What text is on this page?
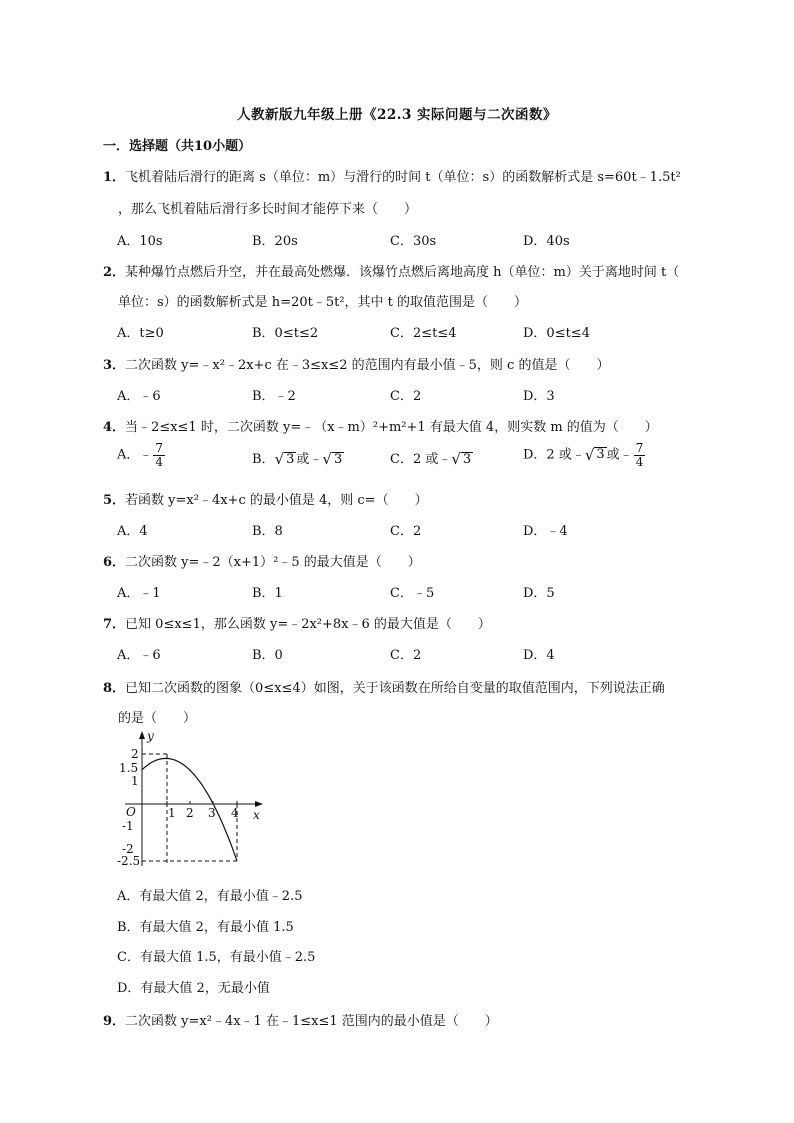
人教新版九年级上册《22.3 实际问题与二次函数》
一．选择题（共10小题）
1．飞机着陆后滑行的距离 s（单位：m）与滑行的时间 t（单位：s）的函数解析式是 s=60t﹣1.5t²
，那么飞机着陆后滑行多长时间才能停下来（　　）
A．10s	B．20s	C．30s	D．40s
2．某种爆竹点燃后升空，并在最高处燃爆．该爆竹点燃后离地高度 h（单位：m）关于离地时间 t（
单位：s）的函数解析式是 h=20t﹣5t²，其中 t 的取值范围是（　　）
A．t≥0	B．0≤t≤2	C．2≤t≤4	D．0≤t≤4
3．二次函数 y=﹣x²﹣2x+c 在﹣3≤x≤2 的范围内有最小值﹣5，则 c 的值是（　　）
A．﹣6	B．﹣2	C．2	D．3
4．当﹣2≤x≤1 时，二次函数 y=﹣（x﹣m）²+m²+1 有最大值 4，则实数 m 的值为（　　）
A．﹣ $\frac{7}{4}$	B． √ 3 或﹣ √ 3	C．2 或﹣ √ 3	D．2 或﹣ √ 3 或﹣ $\frac{7}{4}$
5．若函数 y=x²﹣4x+c 的最小值是 4，则 c=（　　）
A．4	B．8	C．2	D．﹣4
6．二次函数 y=﹣2（x+1）²﹣5 的最大值是（　　）
A．﹣1	B．1	C．﹣5	D．5
7．已知 0≤x≤1，那么函数 y=﹣2x²+8x﹣6 的最大值是（　　）
A．﹣6	B．0	C．2	D．4
8．已知二次函数的图象（0≤x≤4）如图，关于该函数在所给自变量的取值范围内，下列说法正确
的是（　　）
y
x
O	1 2 3 4
2
1.5
1
-1
-2
-2.5
A．有最大值 2，有最小值﹣2.5
B．有最大值 2，有最小值 1.5
C．有最大值 1.5，有最小值﹣2.5
D．有最大值 2，无最小值
9．二次函数 y=x²﹣4x﹣1 在﹣1≤x≤1 范围内的最小值是（　　）
